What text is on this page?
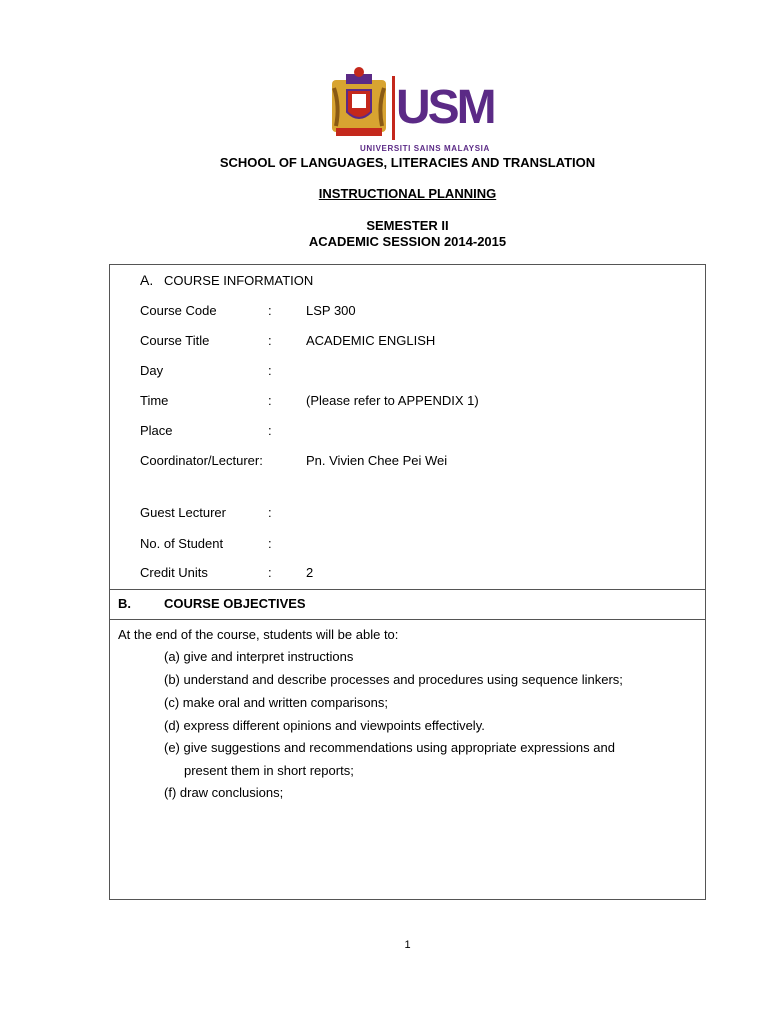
USM
UNIVERSITI SAINS MALAYSIA
SCHOOL OF LANGUAGES, LITERACIES AND TRANSLATION
INSTRUCTIONAL PLANNING
SEMESTER II
ACADEMIC SESSION 2014-2015
A. COURSE INFORMATION
Course Code	:	LSP 300
Course Title	:	ACADEMIC ENGLISH
Day	:
Time	:	(Please refer to APPENDIX 1)
Place	:
Coordinator/Lecturer:	Pn. Vivien Chee Pei Wei
Guest Lecturer	:
No. of Student	:
Credit Units	:	2
B.	COURSE OBJECTIVES
At the end of the course, students will be able to:
(a) give and interpret instructions
(b) understand and describe processes and procedures using sequence linkers;
(c) make oral and written comparisons;
(d) express different opinions and viewpoints effectively.
(e) give suggestions and recommendations using appropriate expressions and
present them in short reports;
(f) draw conclusions;
1
